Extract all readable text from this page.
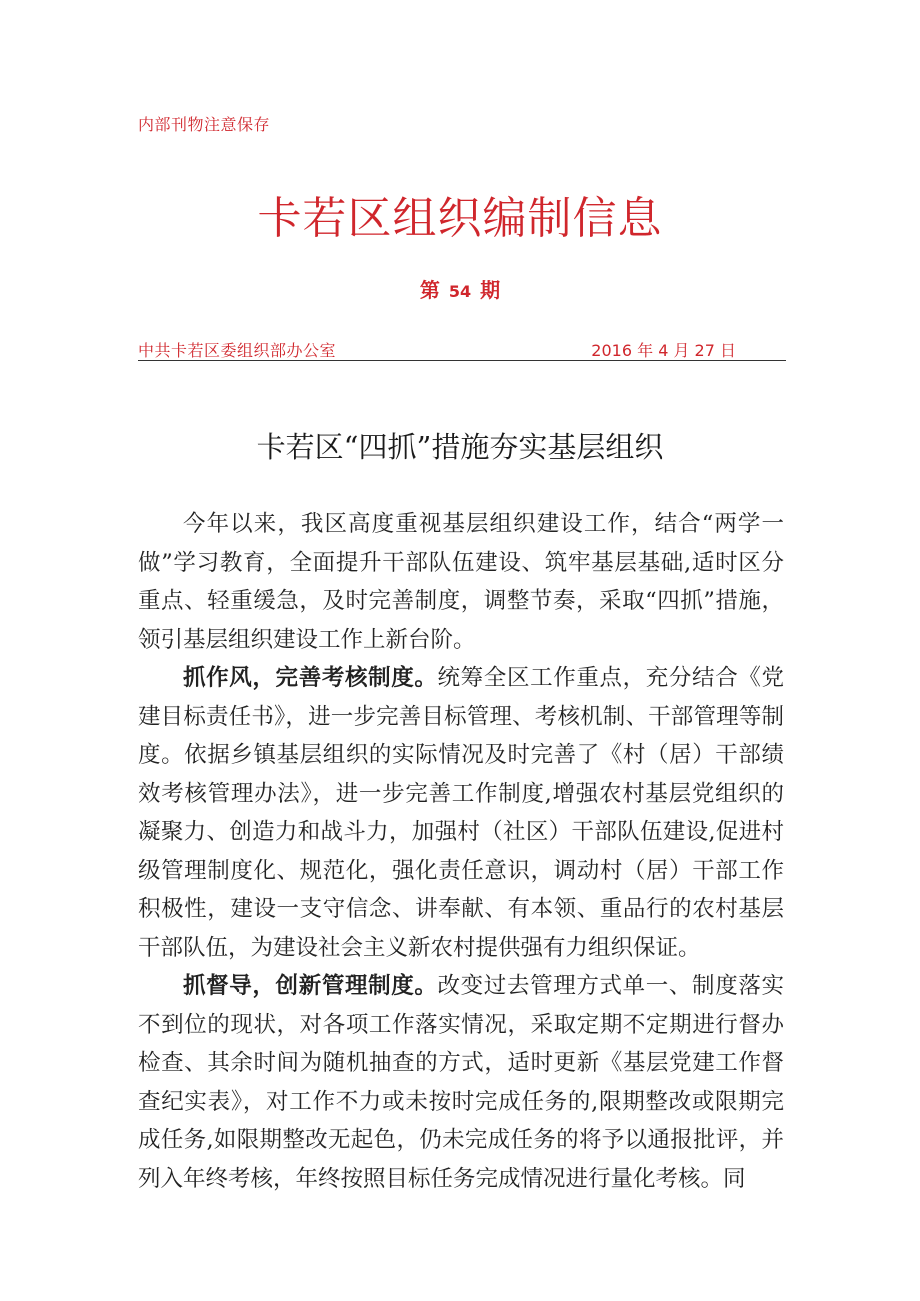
内部刊物注意保存
卡若区组织编制信息
第 54 期
中共卡若区委组织部办公室	2016 年 4 月 27 日
卡若区“四抓”措施夯实基层组织

今年以来，我区高度重视基层组织建设工作，结合“两学一做”学习教育，全面提升干部队伍建设、筑牢基层基础,适时区分重点、轻重缓急，及时完善制度，调整节奏，采取“四抓”措施，领引基层组织建设工作上新台阶。

抓作风，完善考核制度。统筹全区工作重点，充分结合《党建目标责任书》，进一步完善目标管理、考核机制、干部管理等制度。依据乡镇基层组织的实际情况及时完善了《村（居）干部绩效考核管理办法》，进一步完善工作制度,增强农村基层党组织的凝聚力、创造力和战斗力，加强村（社区）干部队伍建设,促进村级管理制度化、规范化，强化责任意识，调动村（居）干部工作积极性，建设一支守信念、讲奉献、有本领、重品行的农村基层干部队伍，为建设社会主义新农村提供强有力组织保证。

抓督导，创新管理制度。改变过去管理方式单一、制度落实不到位的现状，对各项工作落实情况，采取定期不定期进行督办检查、其余时间为随机抽查的方式，适时更新《基层党建工作督查纪实表》，对工作不力或未按时完成任务的,限期整改或限期完成任务,如限期整改无起色，仍未完成任务的将予以通报批评，并列入年终考核，年终按照目标任务完成情况进行量化考核。同
